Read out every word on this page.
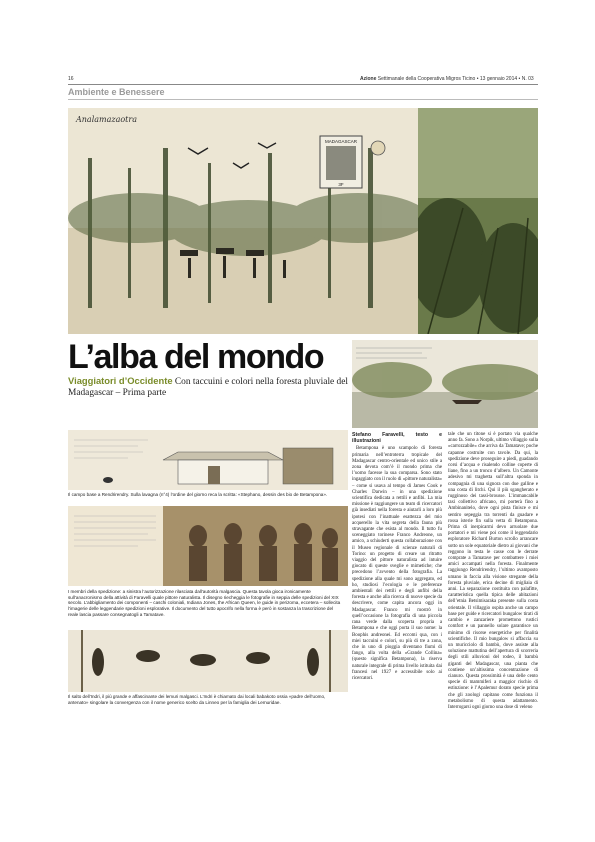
16	Azione Settimanale della Cooperativa Migros Ticino • 13 gennaio 2014 • N. 03
Ambiente e Benessere
MADAGASCAR
3F
Analamazaotra
L’alba del mondo
Viaggiatori d’Occidente Con taccuini e colori nella foresta pluviale del Madagascar – Prima parte
Il campo base a Rendrirendry. Sulla lavagna (n°4) l’ordine del giorno reca la scritta: «Stephano, dessin des bio de Betampona».
I membri della spedizione: a sinistra l’autorizzazione rilasciata dall’autorità malgascia. Questa tavola gioca ironicamente sull’anacronismo della attività di Faravelli quale pittore naturalista. Il disegno riecheggia le fotografie in seppia delle spedizioni del XIX secolo. L’abbigliamento dei componenti – caschi coloniali, Indiana Jones, the African Queen, le guide in perizoma, eccetera – sollecita l’imagerie delle leggendarie spedizioni esplorative. Il documento del tutto apocrifo nella forma è però in sostanza la trascrizione del reale lascia passare consegnatogli a Tamatave.
Il salto dell’Indri, il più grande e affascinante dei lemuri malgasci. L’Indri è chiamato dai locali babakoto ossia «padre dell’uomo, antenato» singolare la convergenza con il nome generico scelto da Linneo per la famiglia dei Lemuridae.
Stefano Faravelli, testo e illustrazioni

Betampona è uno scampolo di foresta primaria nell’entroterra tropicale del Madagascar centro-orientale ed unico stile a zona devota com’è il mondo prima che l’uomo facesse la sua comparsa. Sono stato ingaggiato con il ruolo di «pittore naturalista» – come si usava al tempo di James Cook e Charles Darwin – in una spedizione scientifica dedicata a rettili e anfibi. La mia missione è raggiungere un team di ricercatori già insediati nella foresta e aiutarli a loro più ipotesi con l’inattuale esattezza del mio acquerello la vita segreta della fauna più stravagante che esista al mondo. Il tutto fu sceneggiato torinese Franco Andreone, un amico, a schiuderti questa collaborazione con il Museo regionale di scienze naturali di Torino: un progetto di creare un ritratto viaggio del pittore naturalista ad intuire giocato di queste sveglie e mimetiche; che precedono l’avvento della fotografia. La spedizione alla quale mi sono aggregato, ed ho, studiosi l’ecologia e le preferenze ambientali dei rettili e degli anfibi della foresta e anche alla ricerca di nuove specie da descrivere, come capita ancora oggi in Madagascar. Franco mi mostrò in quell’occasione la fotografia di una piccola rana verde dalla scoperta propria a Betampona e che oggi porta il suo nome: la Boophis andreonei. Ed eccomi qua, con i miei taccuini e colori, su più di tre a zona, che in uno di pioggia diventano fiumi di fango, alla volta della «Grande Collina» (questo significa Betampona), la riserva naturale integrale di prima livello istituita dai francesi nel 1927 e accessibile solo ai ricercatori.

tale che un titone si è portato via qualche anno fa. Sono a Norpik, ultimo villaggio sulla «carrozzabile» che arriva da Tamatave; poche capanne costruite con tavole. Da qui, la spedizione deve proseguire a piedi, guadando corsi d’acqua e risalendo colline coperte di liane, fino a un tronco d’albero. Un Camonte adesivo mi traghetta sull’altra sponda in compagnia di una signora con due galline e una costa di litchi. Qui il più sgangherato e rugginoso dei tassì-brousse. L’immancabile taxi collettivo africano, mi porterà fino a Ambinanitelo, dove ogni pista finisce e mi sentiro sepeggia tra torrenti da guadare e rossa isterie fin sulla vetta di Betampona. Prima di inerpicarmi devo arruolare due portatori e mi viene poi come il leggendario esploratore Richard Burton scrollo arrancare sotto un sole equatoriale dietro ai giovani che reggono in testa le casse con le derrate comprate a Tamatave per combattere i miei amici accampati nella foresta. Finalmente raggiungo Rendrirendry, l’ultimo avamposto umano in faccia alla visione stregante della foresta pluviale, erica decine di migliaia di anni. La separazione costituita con palafitte, caratteristica quella tipica delle abitazioni dell’etnia Betsimisaraka presente sulla costa orientale. Il villaggio ospita anche un campo base per guide e ricercatori bungalow tirati di cambio e zanzariere promettono rustici comfort e un pannello solare garantisce un minimo di risorse energetiche per finalità scientifiche. Il mio bungalow si affaccia su un muricciolo di bambù, dove assiste alla soluzione mattutina dell’apertura di scorreria degli stili alluvioni del rodeo, il bambù giganti del Madagascar, una pianta che contiene un’altissima concentrazione di cianuro. Questa prossimità è una delle cento specie di mammiferi a maggior rischio di estinzione: è l’Apalemur dorato specie prima che gli zoologi capitano come funziona il metabolismo di questa adattamento. Interrogarsi ogni giorno una dose di veleno
